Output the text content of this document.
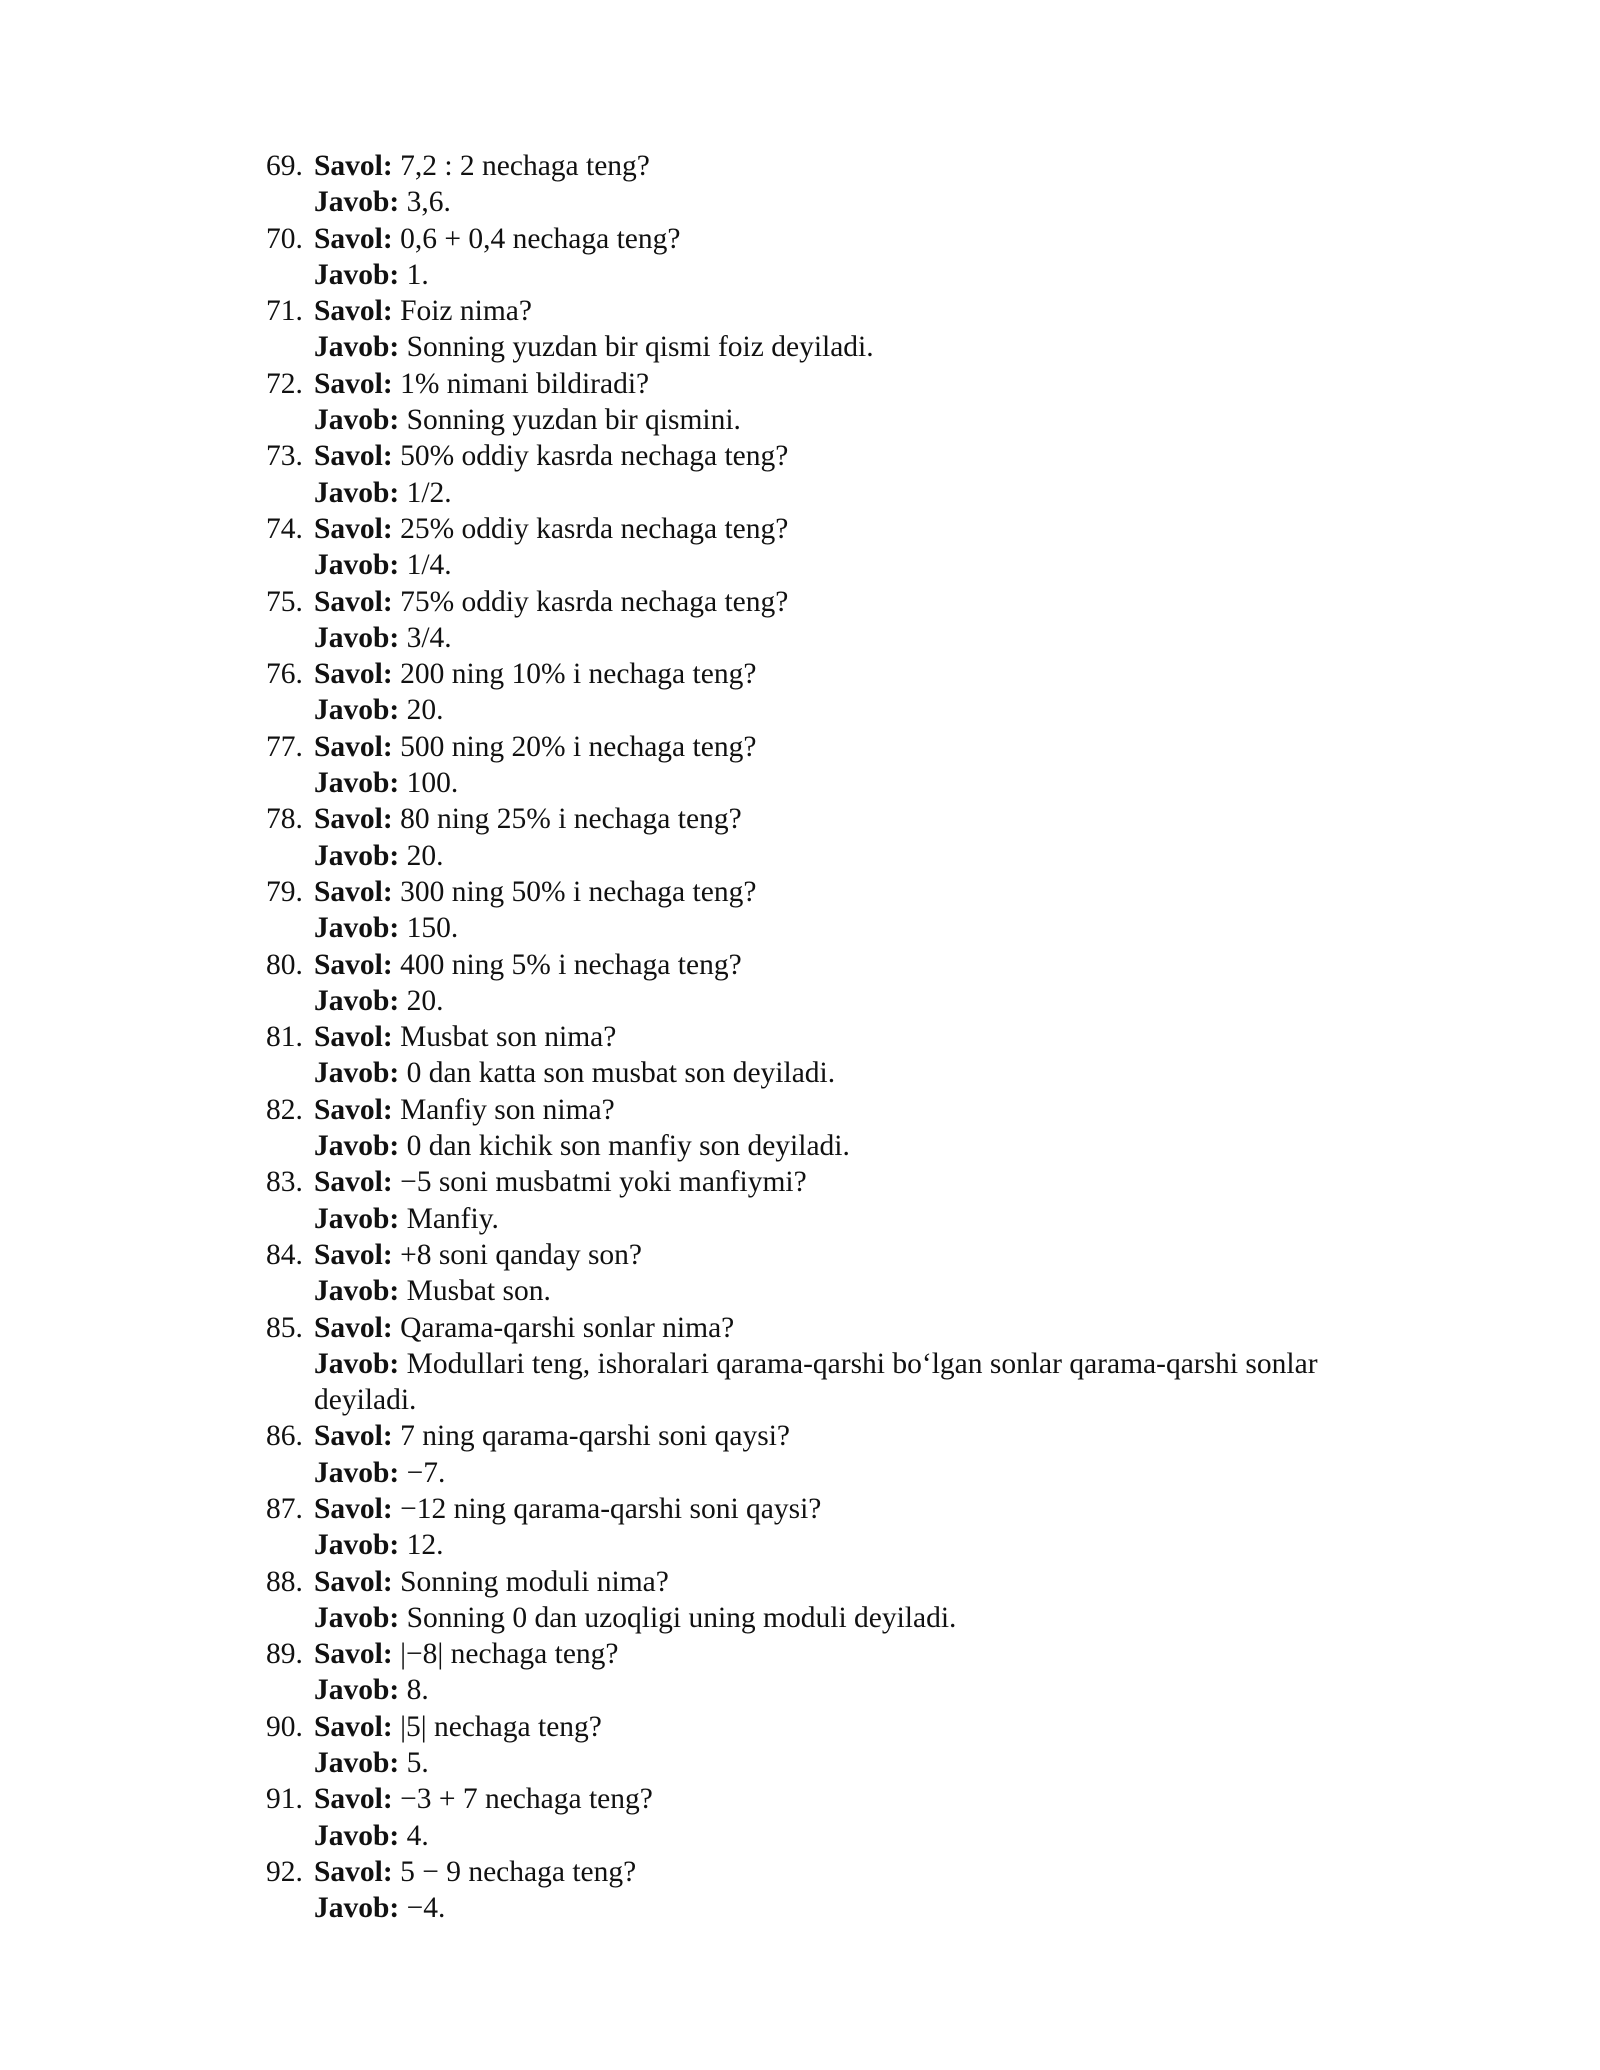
69. Savol: 7,2 : 2 nechaga teng?
Javob: 3,6.
70. Savol: 0,6 + 0,4 nechaga teng?
Javob: 1.
71. Savol: Foiz nima?
Javob: Sonning yuzdan bir qismi foiz deyiladi.
72. Savol: 1% nimani bildiradi?
Javob: Sonning yuzdan bir qismini.
73. Savol: 50% oddiy kasrda nechaga teng?
Javob: 1/2.
74. Savol: 25% oddiy kasrda nechaga teng?
Javob: 1/4.
75. Savol: 75% oddiy kasrda nechaga teng?
Javob: 3/4.
76. Savol: 200 ning 10% i nechaga teng?
Javob: 20.
77. Savol: 500 ning 20% i nechaga teng?
Javob: 100.
78. Savol: 80 ning 25% i nechaga teng?
Javob: 20.
79. Savol: 300 ning 50% i nechaga teng?
Javob: 150.
80. Savol: 400 ning 5% i nechaga teng?
Javob: 20.
81. Savol: Musbat son nima?
Javob: 0 dan katta son musbat son deyiladi.
82. Savol: Manfiy son nima?
Javob: 0 dan kichik son manfiy son deyiladi.
83. Savol: −5 soni musbatmi yoki manfiymi?
Javob: Manfiy.
84. Savol: +8 soni qanday son?
Javob: Musbat son.
85. Savol: Qarama-qarshi sonlar nima?
Javob: Modullari teng, ishoralari qarama-qarshi bo‘lgan sonlar qarama-qarshi sonlar deyiladi.
86. Savol: 7 ning qarama-qarshi soni qaysi?
Javob: −7.
87. Savol: −12 ning qarama-qarshi soni qaysi?
Javob: 12.
88. Savol: Sonning moduli nima?
Javob: Sonning 0 dan uzoqligi uning moduli deyiladi.
89. Savol: |−8| nechaga teng?
Javob: 8.
90. Savol: |5| nechaga teng?
Javob: 5.
91. Savol: −3 + 7 nechaga teng?
Javob: 4.
92. Savol: 5 − 9 nechaga teng?
Javob: −4.
